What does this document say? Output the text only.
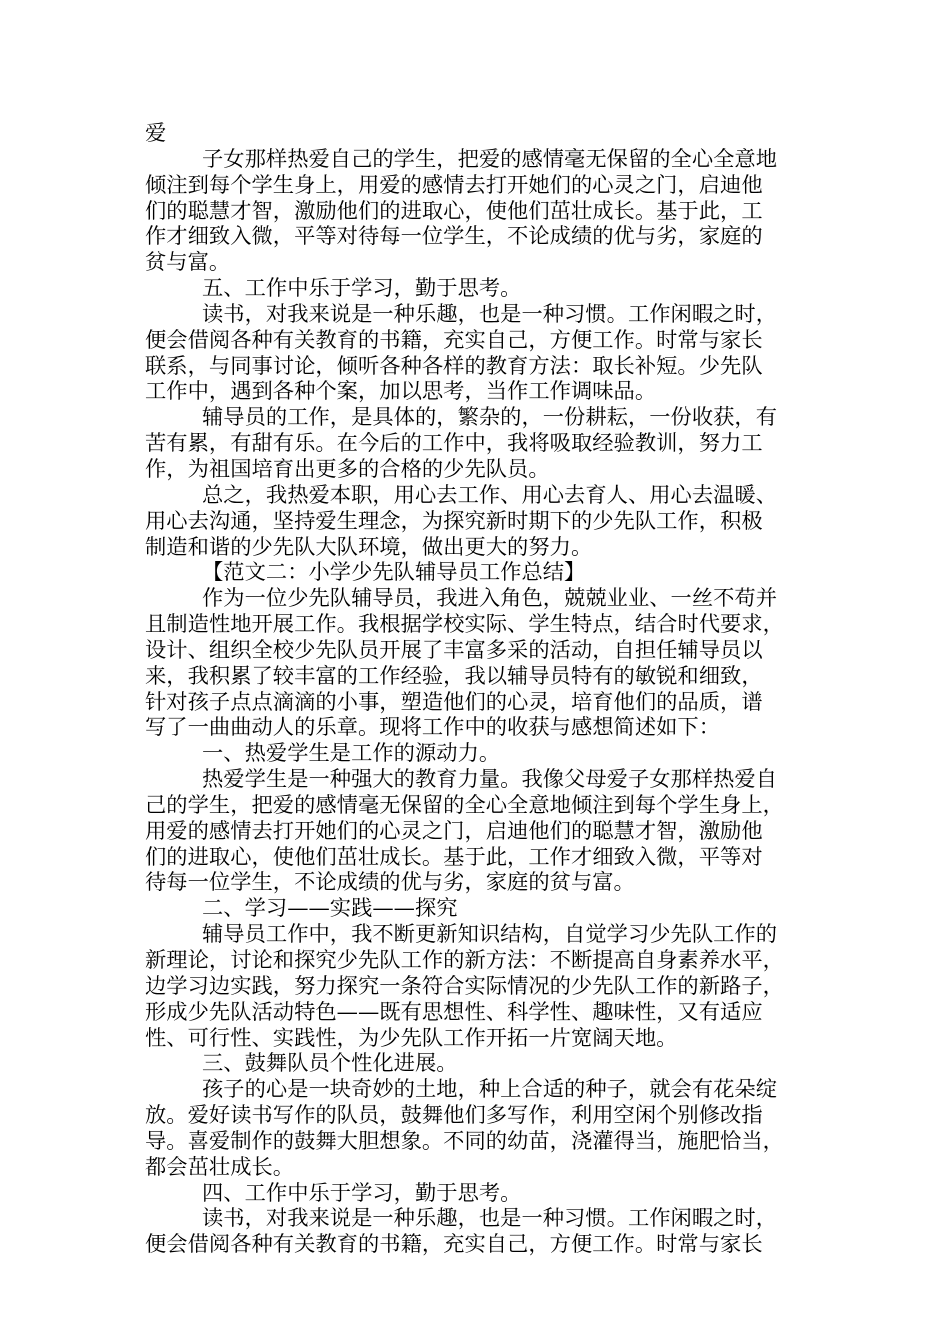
爱
子女那样热爱自己的学生，把爱的感情毫无保留的全心全意地
倾注到每个学生身上，用爱的感情去打开她们的心灵之门，启迪他
们的聪慧才智，激励他们的进取心，使他们茁壮成长。基于此，工
作才细致入微，平等对待每一位学生，不论成绩的优与劣，家庭的
贫与富。
五、工作中乐于学习，勤于思考。
读书，对我来说是一种乐趣，也是一种习惯。工作闲暇之时，
便会借阅各种有关教育的书籍，充实自己，方便工作。时常与家长
联系，与同事讨论，倾听各种各样的教育方法：取长补短。少先队
工作中，遇到各种个案，加以思考，当作工作调味品。
辅导员的工作，是具体的，繁杂的，一份耕耘，一份收获，有
苦有累，有甜有乐。在今后的工作中，我将吸取经验教训，努力工
作，为祖国培育出更多的合格的少先队员。
总之，我热爱本职，用心去工作、用心去育人、用心去温暖、
用心去沟通，坚持爱生理念，为探究新时期下的少先队工作，积极
制造和谐的少先队大队环境，做出更大的努力。
【范文二：小学少先队辅导员工作总结】
作为一位少先队辅导员，我进入角色，兢兢业业、一丝不苟并
且制造性地开展工作。我根据学校实际、学生特点，结合时代要求，
设计、组织全校少先队员开展了丰富多采的活动，自担任辅导员以
来，我积累了较丰富的工作经验，我以辅导员特有的敏锐和细致，
针对孩子点点滴滴的小事，塑造他们的心灵，培育他们的品质，谱
写了一曲曲动人的乐章。现将工作中的收获与感想简述如下：
一、热爱学生是工作的源动力。
热爱学生是一种强大的教育力量。我像父母爱子女那样热爱自
己的学生，把爱的感情毫无保留的全心全意地倾注到每个学生身上，
用爱的感情去打开她们的心灵之门，启迪他们的聪慧才智，激励他
们的进取心，使他们茁壮成长。基于此，工作才细致入微，平等对
待每一位学生，不论成绩的优与劣，家庭的贫与富。
二、学习——实践——探究
辅导员工作中，我不断更新知识结构，自觉学习少先队工作的
新理论，讨论和探究少先队工作的新方法：不断提高自身素养水平，
边学习边实践，努力探究一条符合实际情况的少先队工作的新路子，
形成少先队活动特色——既有思想性、科学性、趣味性，又有适应
性、可行性、实践性，为少先队工作开拓一片宽阔天地。
三、鼓舞队员个性化进展。
孩子的心是一块奇妙的土地，种上合适的种子，就会有花朵绽
放。爱好读书写作的队员，鼓舞他们多写作，利用空闲个别修改指
导。喜爱制作的鼓舞大胆想象。不同的幼苗，浇灌得当，施肥恰当，
都会茁壮成长。
四、工作中乐于学习，勤于思考。
读书，对我来说是一种乐趣，也是一种习惯。工作闲暇之时，
便会借阅各种有关教育的书籍，充实自己，方便工作。时常与家长
